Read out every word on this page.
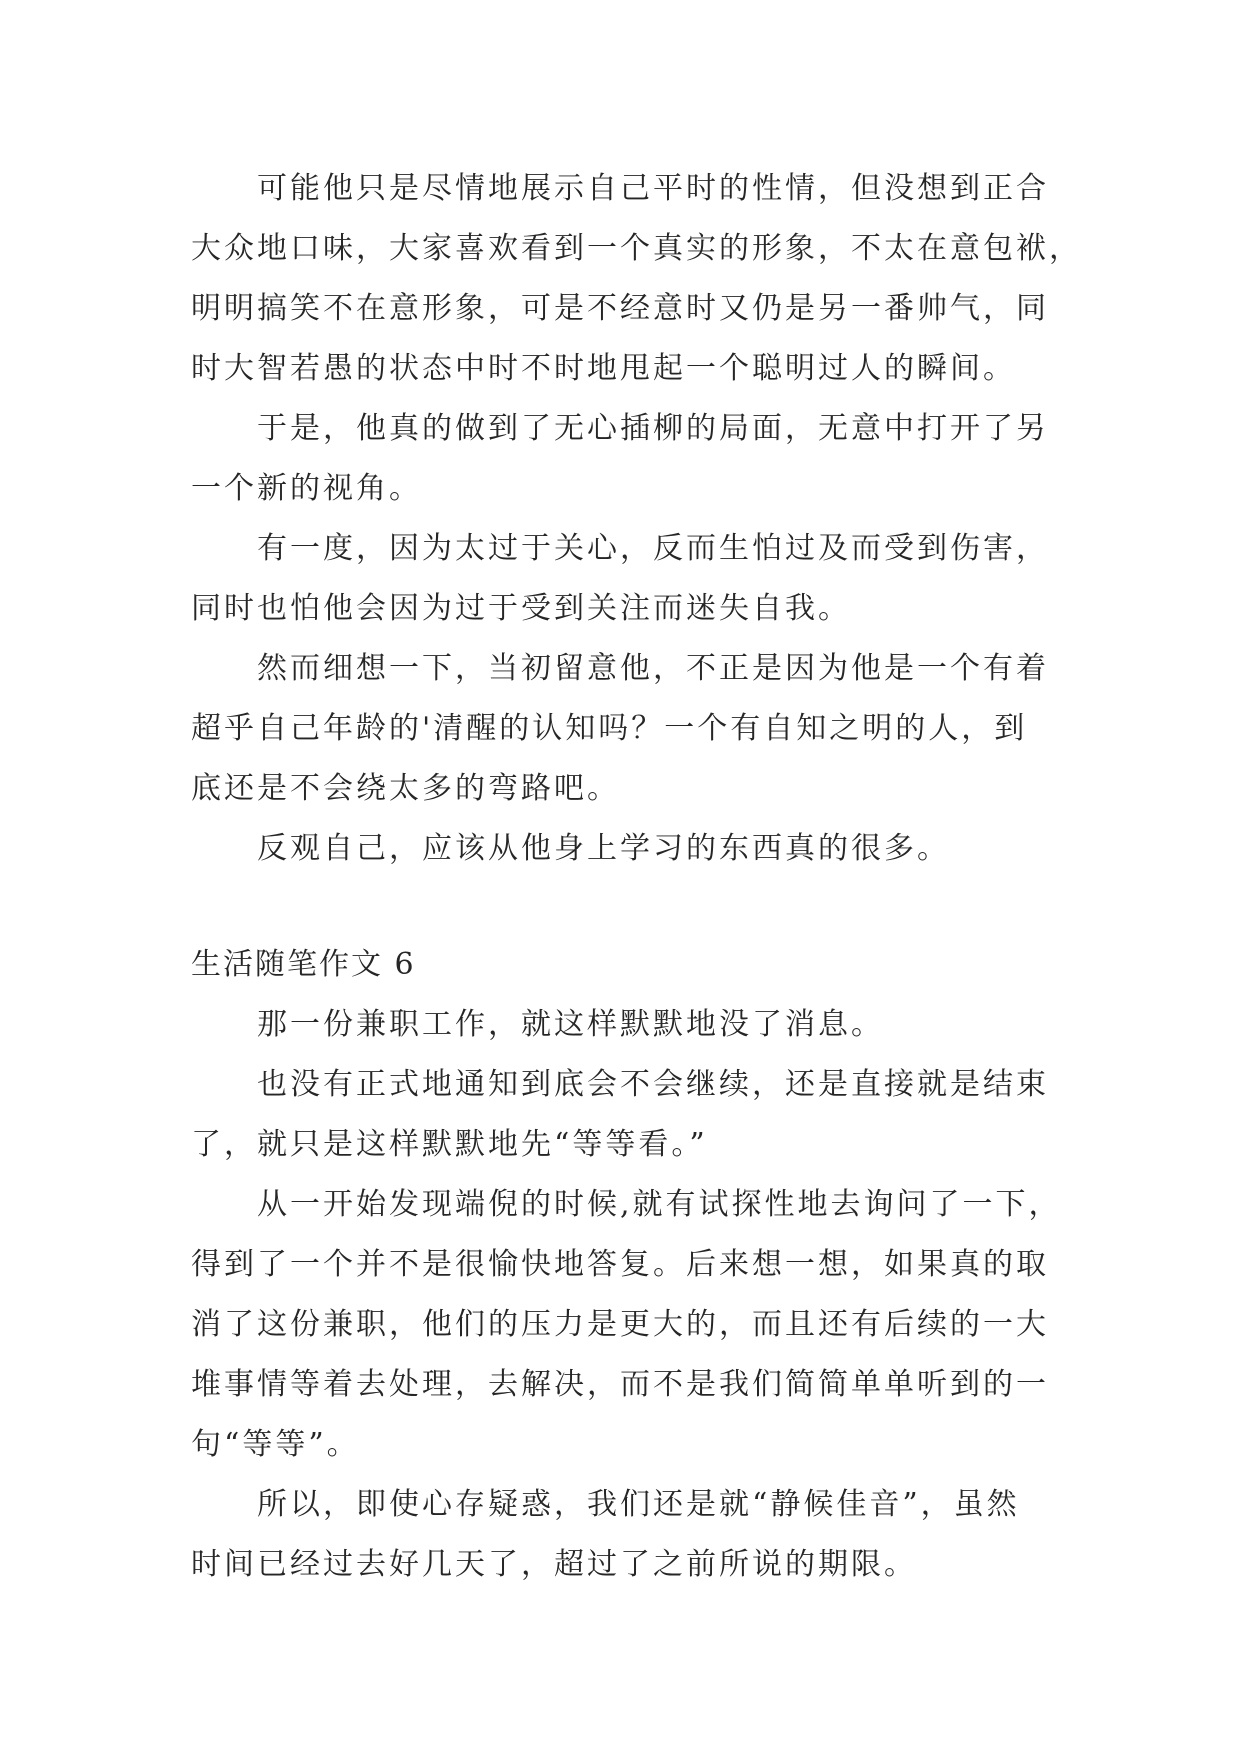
可能他只是尽情地展示自己平时的性情，但没想到正合
大众地口味，大家喜欢看到一个真实的形象，不太在意包袱，
明明搞笑不在意形象，可是不经意时又仍是另一番帅气，同
时大智若愚的状态中时不时地甩起一个聪明过人的瞬间。
于是，他真的做到了无心插柳的局面，无意中打开了另
一个新的视角。
有一度，因为太过于关心，反而生怕过及而受到伤害，
同时也怕他会因为过于受到关注而迷失自我。
然而细想一下，当初留意他，不正是因为他是一个有着
超乎自己年龄的'清醒的认知吗？一个有自知之明的人，到
底还是不会绕太多的弯路吧。
反观自己，应该从他身上学习的东西真的很多。
生活随笔作文 6
那一份兼职工作，就这样默默地没了消息。
也没有正式地通知到底会不会继续，还是直接就是结束
了，就只是这样默默地先“等等看。”
从一开始发现端倪的时候,就有试探性地去询问了一下，
得到了一个并不是很愉快地答复。后来想一想，如果真的取
消了这份兼职，他们的压力是更大的，而且还有后续的一大
堆事情等着去处理，去解决，而不是我们简简单单听到的一
句“等等”。
所以，即使心存疑惑，我们还是就“静候佳音”，虽然
时间已经过去好几天了，超过了之前所说的期限。
